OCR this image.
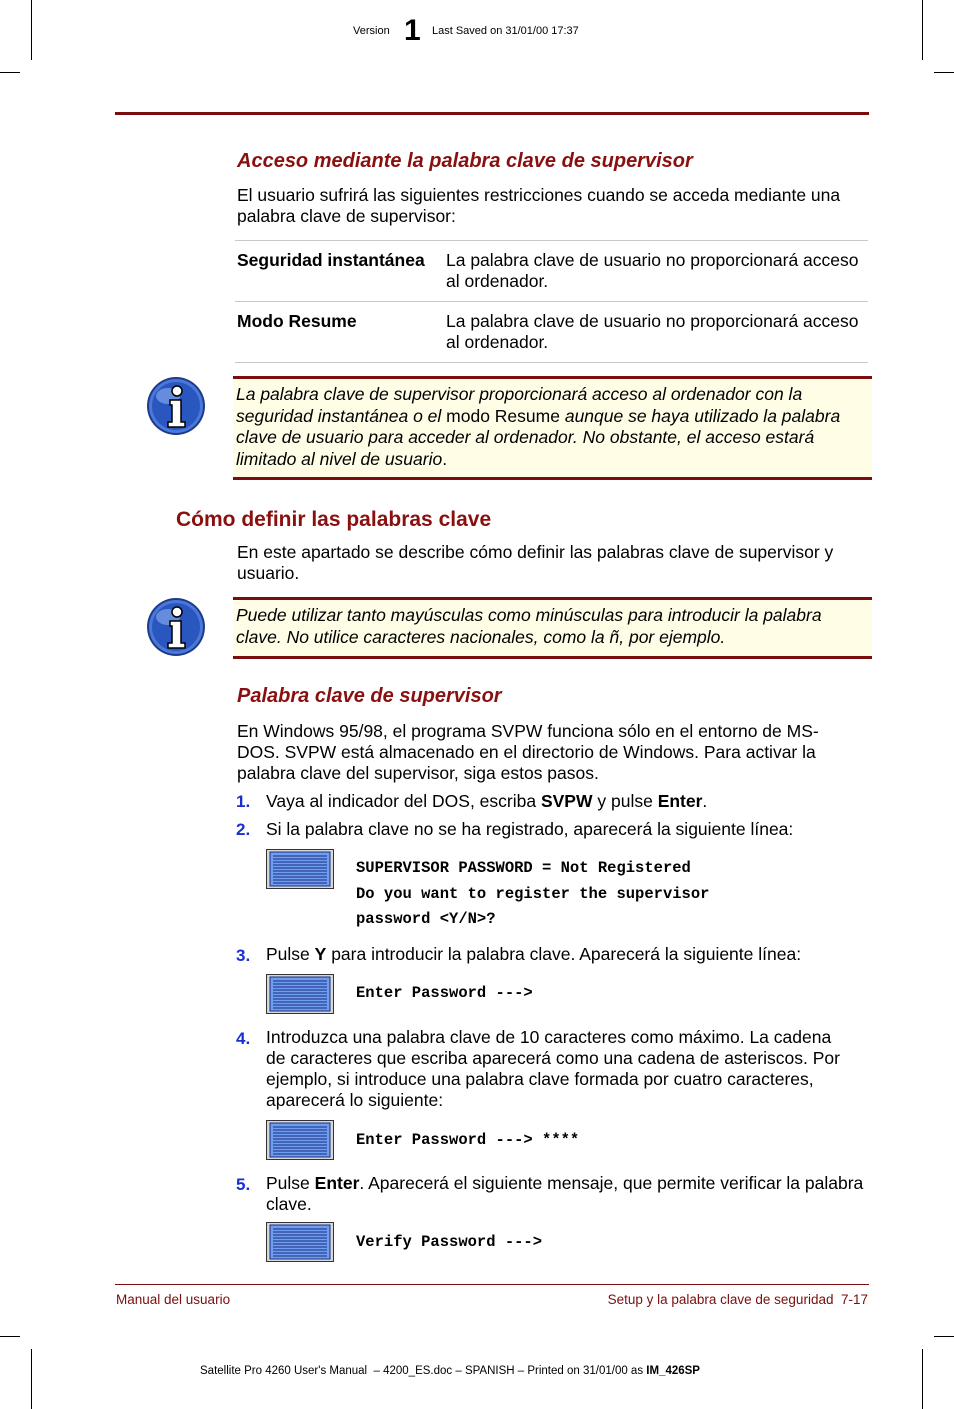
Version 1 Last Saved on 31/01/00 17:37
Acceso mediante la palabra clave de supervisor
El usuario sufrirá las siguientes restricciones cuando se acceda mediante una palabra clave de supervisor:
Seguridad instantánea	La palabra clave de usuario no proporcionará acceso al ordenador.
Modo Resume	La palabra clave de usuario no proporcionará acceso al ordenador.
La palabra clave de supervisor proporcionará acceso al ordenador con la seguridad instantánea o el modo Resume aunque se haya utilizado la palabra clave de usuario para acceder al ordenador. No obstante, el acceso estará limitado al nivel de usuario.
Cómo definir las palabras clave
En este apartado se describe cómo definir las palabras clave de supervisor y usuario.
Puede utilizar tanto mayúsculas como minúsculas para introducir la palabra clave. No utilice caracteres nacionales, como la ñ, por ejemplo.
Palabra clave de supervisor
En Windows 95/98, el programa SVPW funciona sólo en el entorno de MS-DOS. SVPW está almacenado en el directorio de Windows. Para activar la palabra clave del supervisor, siga estos pasos.
1. Vaya al indicador del DOS, escriba SVPW y pulse Enter.
2. Si la palabra clave no se ha registrado, aparecerá la siguiente línea:
SUPERVISOR PASSWORD = Not Registered
Do you want to register the supervisor
password <Y/N>?
3. Pulse Y para introducir la palabra clave. Aparecerá la siguiente línea:
Enter Password --->
4. Introduzca una palabra clave de 10 caracteres como máximo. La cadena de caracteres que escriba aparecerá como una cadena de asteriscos. Por ejemplo, si introduce una palabra clave formada por cuatro caracteres, aparecerá lo siguiente:
Enter Password ---> ****
5. Pulse Enter. Aparecerá el siguiente mensaje, que permite verificar la palabra clave.
Verify Password --->
Manual del usuario	Setup y la palabra clave de seguridad  7-17
Satellite Pro 4260 User's Manual  – 4200_ES.doc – SPANISH – Printed on 31/01/00 as IM_426SP
